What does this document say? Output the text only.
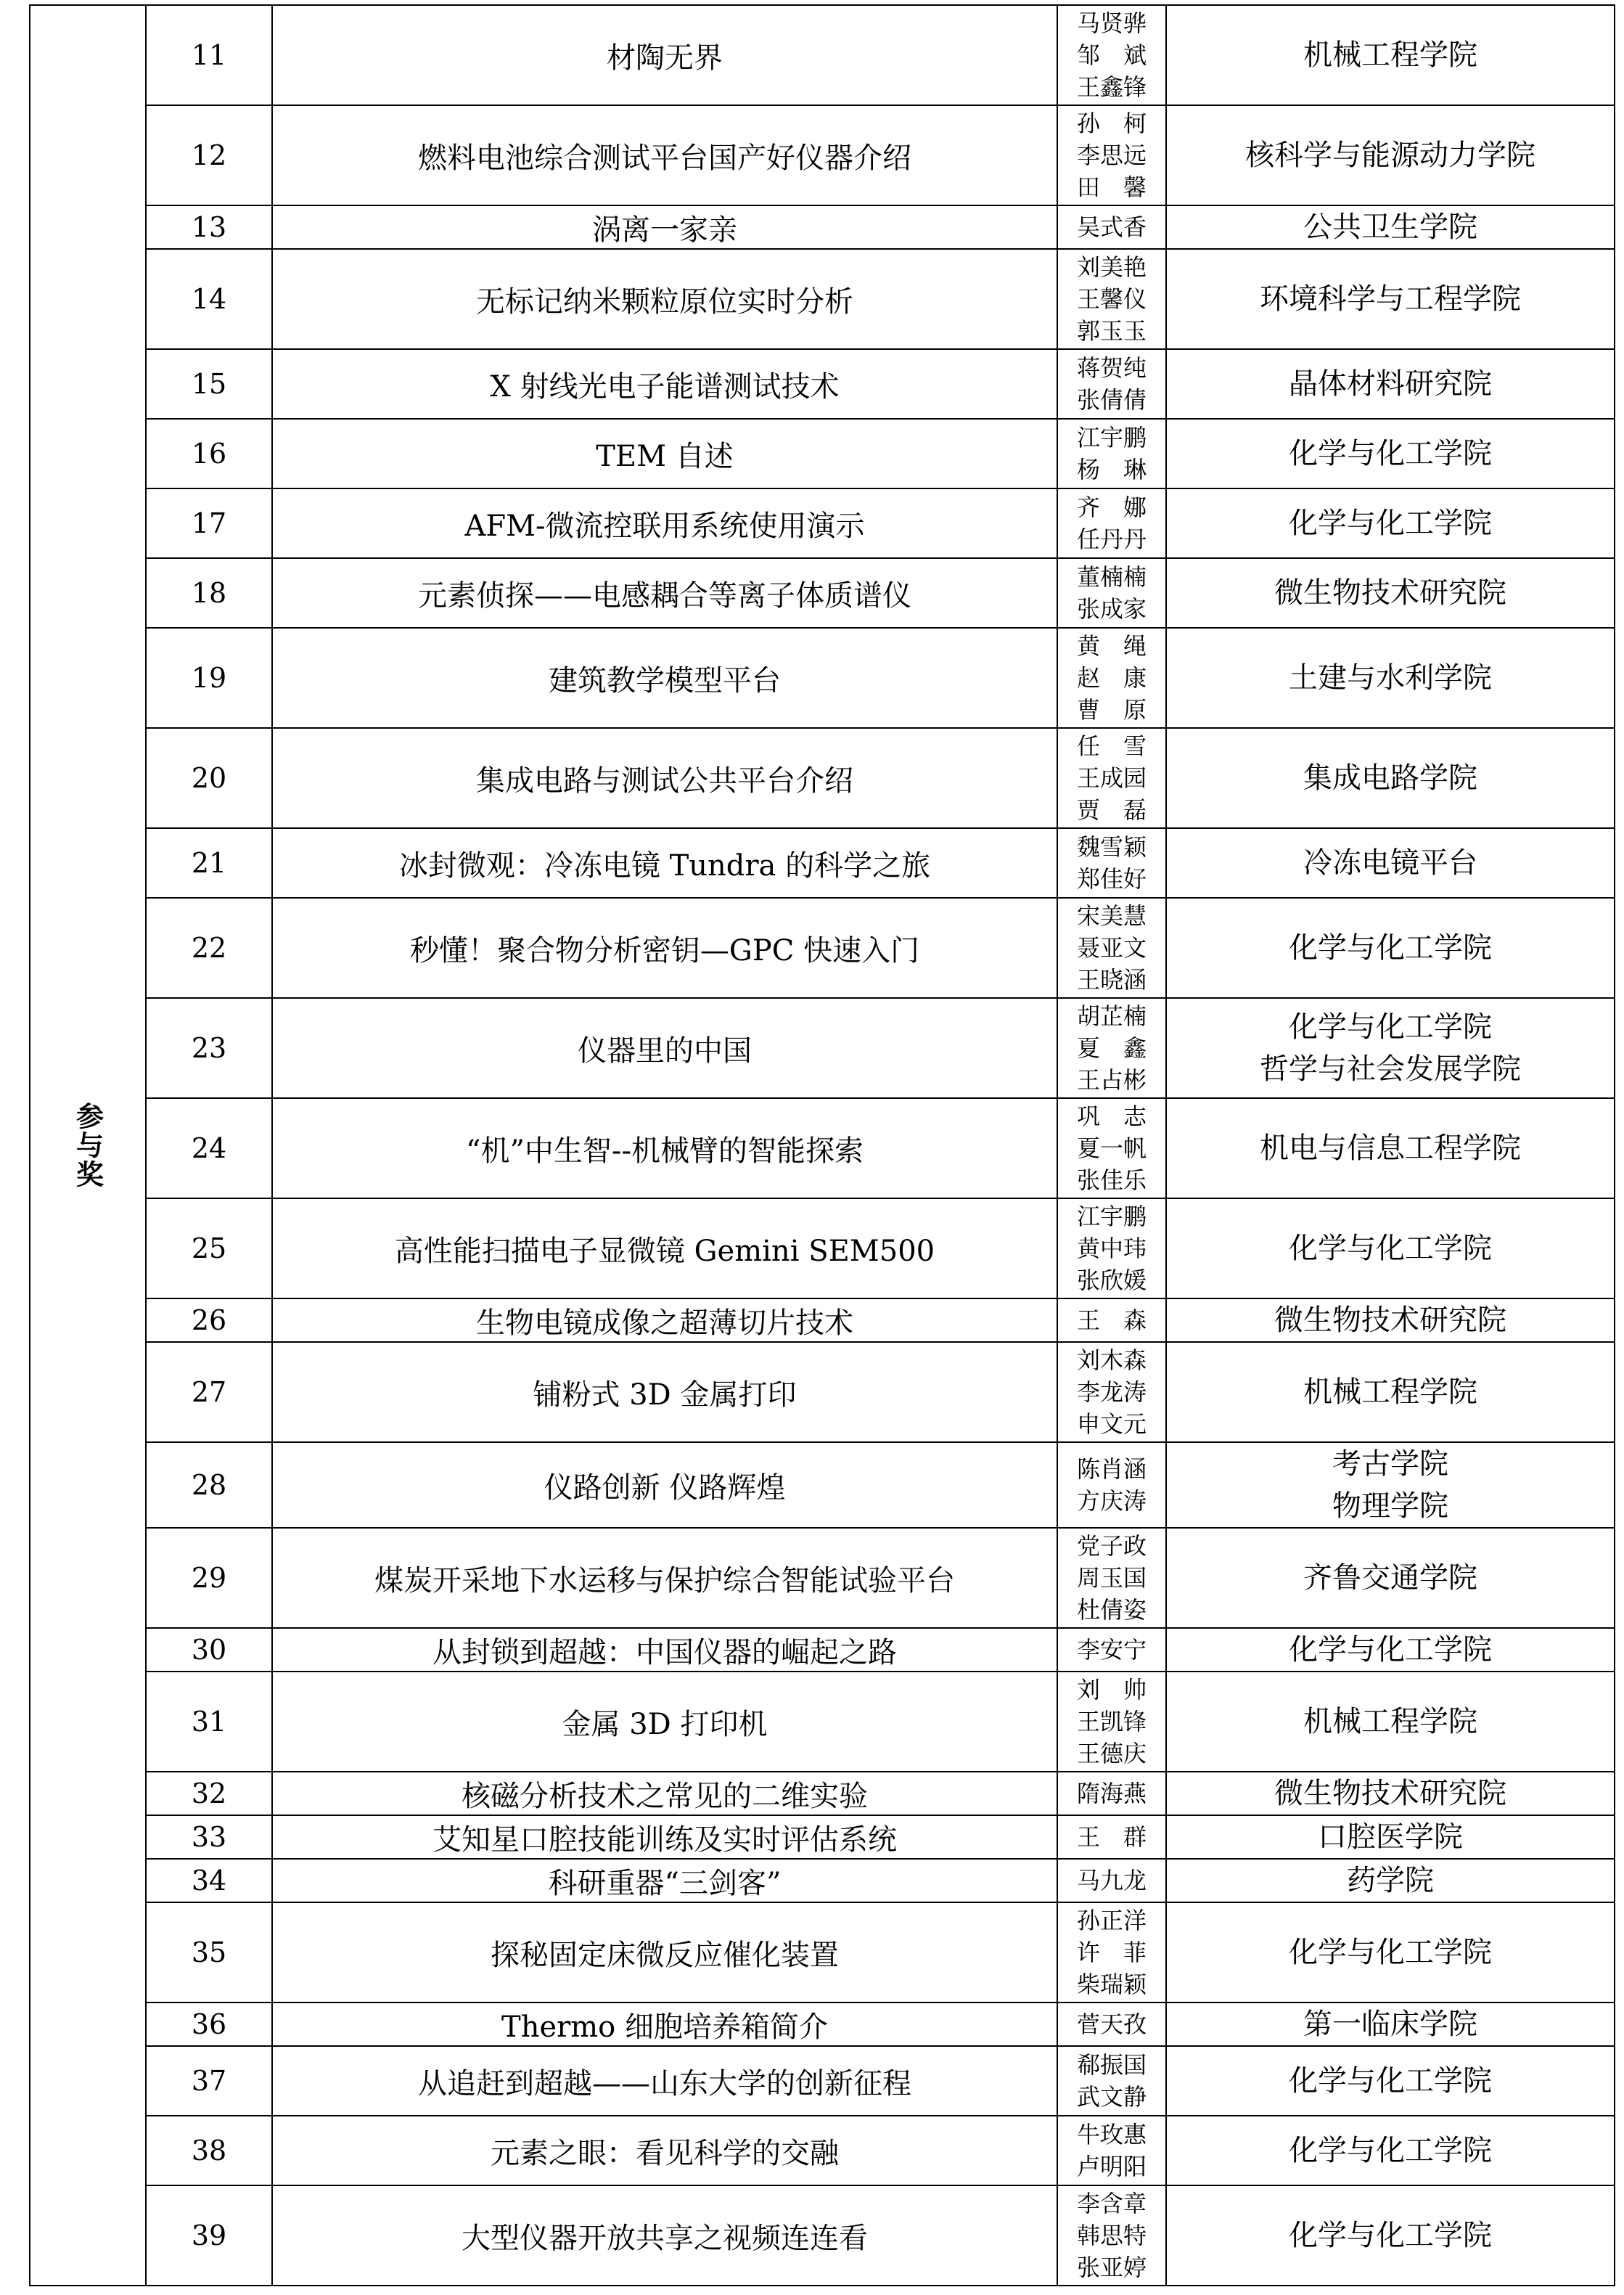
参与奖	11	材陶无界	马贤骅
邹　斌
王鑫锋	机械工程学院

	12	燃料电池综合测试平台国产好仪器介绍	孙　柯
李思远
田　馨	核科学与能源动力学院

	13	涡离一家亲	吴式香	公共卫生学院

	14	无标记纳米颗粒原位实时分析	刘美艳
王馨仪
郭玉玉	环境科学与工程学院

	15	X 射线光电子能谱测试技术	蒋贺纯
张倩倩	晶体材料研究院

	16	TEM 自述	江宇鹏
杨　琳	化学与化工学院

	17	AFM-微流控联用系统使用演示	齐　娜
任丹丹	化学与化工学院

	18	元素侦探——电感耦合等离子体质谱仪	董楠楠
张成家	微生物技术研究院

	19	建筑教学模型平台	黄　绳
赵　康
曹　原	土建与水利学院

	20	集成电路与测试公共平台介绍	任　雪
王成园
贾　磊	集成电路学院

	21	冰封微观：冷冻电镜 Tundra 的科学之旅	魏雪颖
郑佳好	冷冻电镜平台

	22	秒懂！聚合物分析密钥—GPC 快速入门	宋美慧
聂亚文
王晓涵	化学与化工学院

	23	仪器里的中国	胡芷楠
夏　鑫
王占彬	化学与化工学院
哲学与社会发展学院

	24	“机”中生智--机械臂的智能探索	巩　志
夏一帆
张佳乐	机电与信息工程学院

	25	高性能扫描电子显微镜 Gemini SEM500	江宇鹏
黄中玮
张欣媛	化学与化工学院

	26	生物电镜成像之超薄切片技术	王　森	微生物技术研究院

	27	铺粉式 3D 金属打印	刘木森
李龙涛
申文元	机械工程学院

	28	仪路创新 仪路辉煌	陈肖涵
方庆涛	考古学院
物理学院

	29	煤炭开采地下水运移与保护综合智能试验平台	党子政
周玉国
杜倩姿	齐鲁交通学院

	30	从封锁到超越：中国仪器的崛起之路	李安宁	化学与化工学院

	31	金属 3D 打印机	刘　帅
王凯锋
王德庆	机械工程学院

	32	核磁分析技术之常见的二维实验	隋海燕	微生物技术研究院

	33	艾知星口腔技能训练及实时评估系统	王　群	口腔医学院

	34	科研重器“三剑客”	马九龙	药学院

	35	探秘固定床微反应催化装置	孙正洋
许　菲
柴瑞颖	化学与化工学院

	36	Thermo 细胞培养箱简介	菅天孜	第一临床学院

	37	从追赶到超越——山东大学的创新征程	郗振国
武文静	化学与化工学院

	38	元素之眼：看见科学的交融	牛玫惠
卢明阳	化学与化工学院

	39	大型仪器开放共享之视频连连看	李含章
韩思特
张亚婷	化学与化工学院
